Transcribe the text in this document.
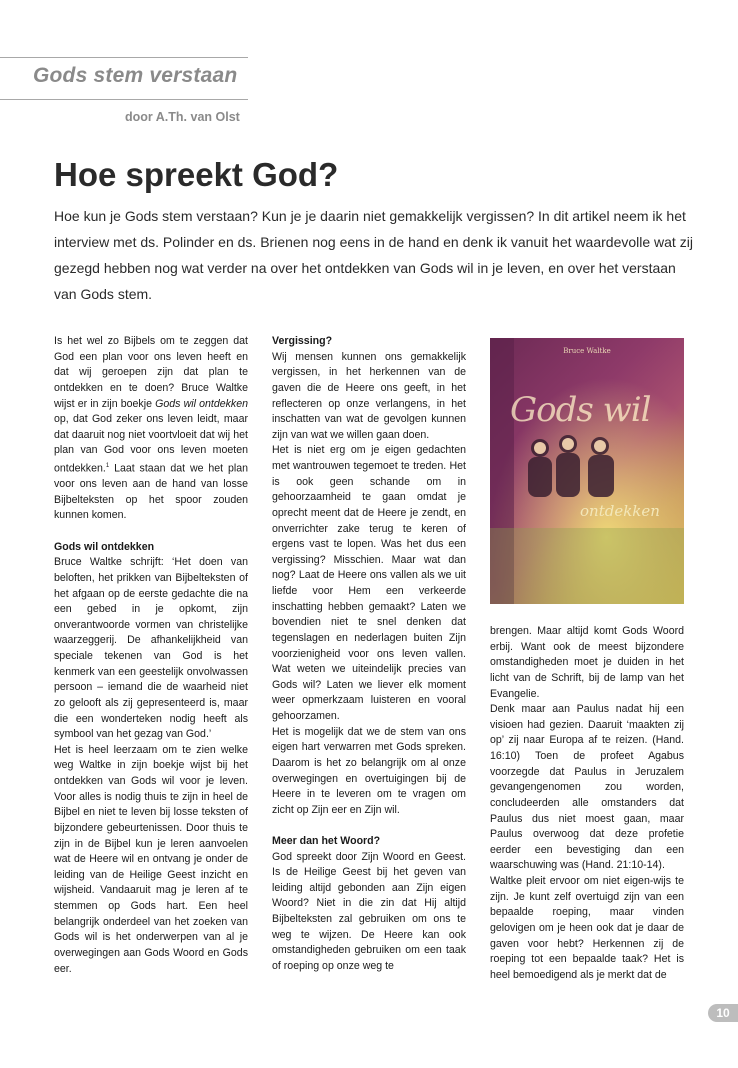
Gods stem verstaan
door A.Th. van Olst
Hoe spreekt God?

Hoe kun je Gods stem verstaan? Kun je je daarin niet gemakkelijk vergissen? In dit artikel neem ik het interview met ds. Polinder en ds. Brienen nog eens in de hand en denk ik vanuit het waardevolle wat zij gezegd hebben nog wat verder na over het ontdekken van Gods wil in je leven, en over het verstaan van Gods stem.

Is het wel zo Bijbels om te zeggen dat God een plan voor ons leven heeft en dat wij geroepen zijn dat plan te ontdekken en te doen? Bruce Waltke wijst er in zijn boekje Gods wil ontdekken op, dat God zeker ons leven leidt, maar dat daaruit nog niet voortvloeit dat wij het plan van God voor ons leven moeten ontdekken.$^1$ Laat staan dat we het plan voor ons leven aan de hand van losse Bijbelteksten op het spoor zouden kunnen komen.

Gods wil ontdekken

Bruce Waltke schrijft: ‘Het doen van beloften, het prikken van Bijbelteksten of het afgaan op de eerste gedachte die na een gebed in je opkomt, zijn onverantwoorde vormen van christelijke waarzeggerij. De afhankelijkheid van speciale tekenen van God is het kenmerk van een geestelijk onvolwassen persoon – iemand die de waarheid niet zo gelooft als zij gepresenteerd is, maar die een wonderteken nodig heeft als symbool van het gezag van God.’

Het is heel leerzaam om te zien welke weg Waltke in zijn boekje wijst bij het ontdekken van Gods wil voor je leven. Voor alles is nodig thuis te zijn in heel de Bijbel en niet te leven bij losse teksten of bijzondere gebeurtenissen. Door thuis te zijn in de Bijbel kun je leren aanvoelen wat de Heere wil en ontvang je onder de leiding van de Heilige Geest inzicht en wijsheid. Vandaaruit mag je leren af te stemmen op Gods hart. Een heel belangrijk onderdeel van het zoeken van Gods wil is het onderwerpen van al je overwegingen aan Gods Woord en Gods eer.

Vergissing?

Wij mensen kunnen ons gemakkelijk vergissen, in het herkennen van de gaven die de Heere ons geeft, in het reflecteren op onze verlangens, in het inschatten van wat de gevolgen kunnen zijn van wat we willen gaan doen.

Het is niet erg om je eigen gedachten met wantrouwen tegemoet te treden. Het is ook geen schande om in gehoorzaamheid te gaan omdat je oprecht meent dat de Heere je zendt, en onverrichter zake terug te keren of ergens vast te lopen. Was het dus een vergissing? Misschien. Maar wat dan nog? Laat de Heere ons vallen als we uit liefde voor Hem een verkeerde inschatting hebben gemaakt? Laten we bovendien niet te snel denken dat tegenslagen en nederlagen buiten Zijn voorzienigheid voor ons leven vallen. Wat weten we uiteindelijk precies van Gods wil? Laten we liever elk moment weer opmerkzaam luisteren en vooral gehoorzamen.

Het is mogelijk dat we de stem van ons eigen hart verwarren met Gods spreken. Daarom is het zo belangrijk om al onze overwegingen en overtuigingen bij de Heere in te leveren om te vragen om zicht op Zijn eer en Zijn wil.

Meer dan het Woord?

God spreekt door Zijn Woord en Geest. Is de Heilige Geest bij het geven van leiding altijd gebonden aan Zijn eigen Woord? Niet in die zin dat Hij altijd Bijbelteksten zal gebruiken om ons te weg te wijzen. De Heere kan ook omstandigheden gebruiken om een taak of roeping op onze weg te

Bruce Waltke
Gods wil
ontdekken

brengen. Maar altijd komt Gods Woord erbij. Want ook de meest bijzondere omstandigheden moet je duiden in het licht van de Schrift, bij de lamp van het Evangelie.

Denk maar aan Paulus nadat hij een visioen had gezien. Daaruit ‘maakten zij op’ zij naar Europa af te reizen. (Hand. 16:10) Toen de profeet Agabus voorzegde dat Paulus in Jeruzalem gevangengenomen zou worden, concludeerden alle omstanders dat Paulus dus niet moest gaan, maar Paulus overwoog dat deze profetie eerder een bevestiging dan een waarschuwing was (Hand. 21:10-14).

Waltke pleit ervoor om niet eigen-wijs te zijn. Je kunt zelf overtuigd zijn van een bepaalde roeping, maar vinden gelovigen om je heen ook dat je daar de gaven voor hebt? Herkennen zij de roeping tot een bepaalde taak? Het is heel bemoedigend als je merkt dat de

10
